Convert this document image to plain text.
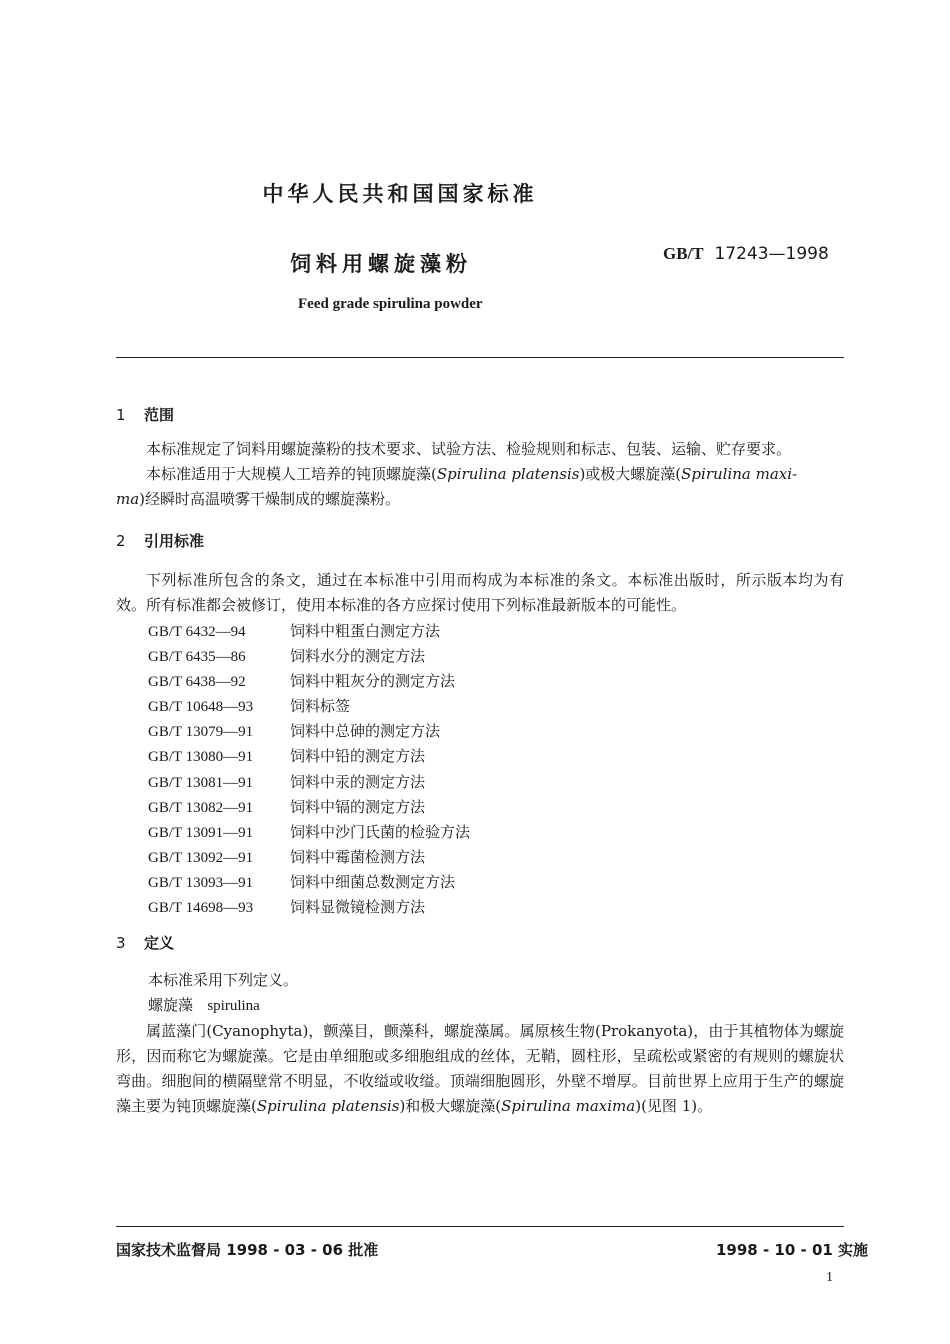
中华人民共和国国家标准
饲料用螺旋藻粉	GB/T 17243—1998
Feed grade spirulina powder
1 范围
本标准规定了饲料用螺旋藻粉的技术要求、试验方法、检验规则和标志、包装、运输、贮存要求。
本标准适用于大规模人工培养的钝顶螺旋藻(Spirulina platensis)或极大螺旋藻(Spirulina maxi-
ma)经瞬时高温喷雾干燥制成的螺旋藻粉。
2 引用标准
下列标准所包含的条文，通过在本标准中引用而构成为本标准的条文。本标准出版时，所示版本均为有效。所有标准都会被修订，使用本标准的各方应探讨使用下列标准最新版本的可能性。
GB/T 6432—94	饲料中粗蛋白测定方法
GB/T 6435—86	饲料水分的测定方法
GB/T 6438—92	饲料中粗灰分的测定方法
GB/T 10648—93 饲料标签
GB/T 13079—91 饲料中总砷的测定方法
GB/T 13080—91 饲料中铅的测定方法
GB/T 13081—91 饲料中汞的测定方法
GB/T 13082—91 饲料中镉的测定方法
GB/T 13091—91 饲料中沙门氏菌的检验方法
GB/T 13092—91 饲料中霉菌检测方法
GB/T 13093—91 饲料中细菌总数测定方法
GB/T 14698—93 饲料显微镜检测方法
3 定义
本标准采用下列定义。
螺旋藻 spirulina
属蓝藻门(Cyanophyta)，颤藻目，颤藻科，螺旋藻属。属原核生物(Prokanyota)，由于其植物体为螺旋形，因而称它为螺旋藻。它是由单细胞或多细胞组成的丝体，无鞘，圆柱形，呈疏松或紧密的有规则的螺旋状弯曲。细胞间的横隔壁常不明显，不收缢或收缢。顶端细胞圆形，外壁不增厚。目前世界上应用于生产的螺旋藻主要为钝顶螺旋藻(Spirulina platensis)和极大螺旋藻(Spirulina maxima)(见图 1)。
国家技术监督局 1998 - 03 - 06 批准	1998 - 10 - 01 实施
1
